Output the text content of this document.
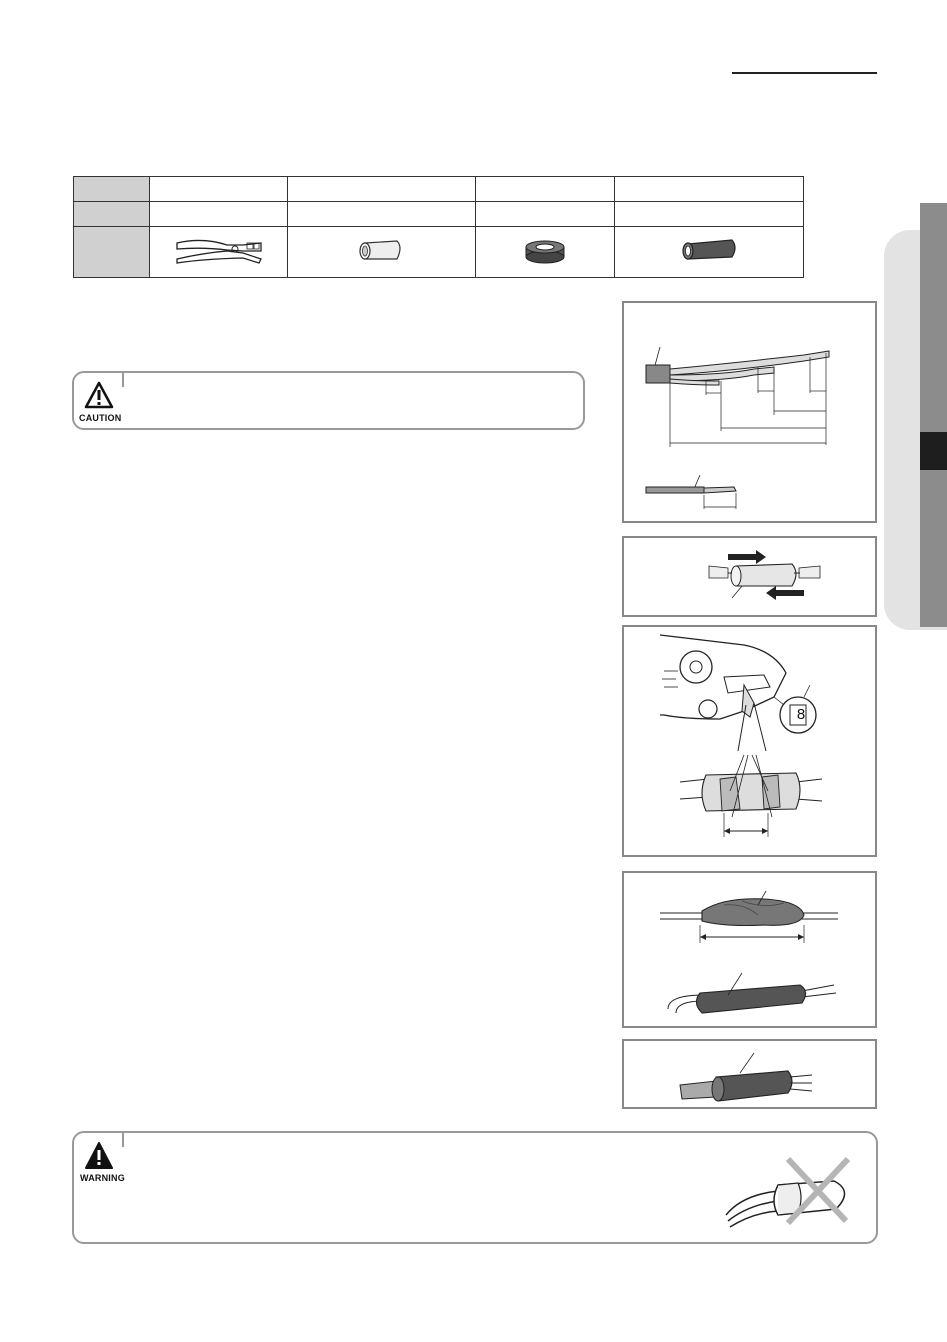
CAUTION
8
WARNING
